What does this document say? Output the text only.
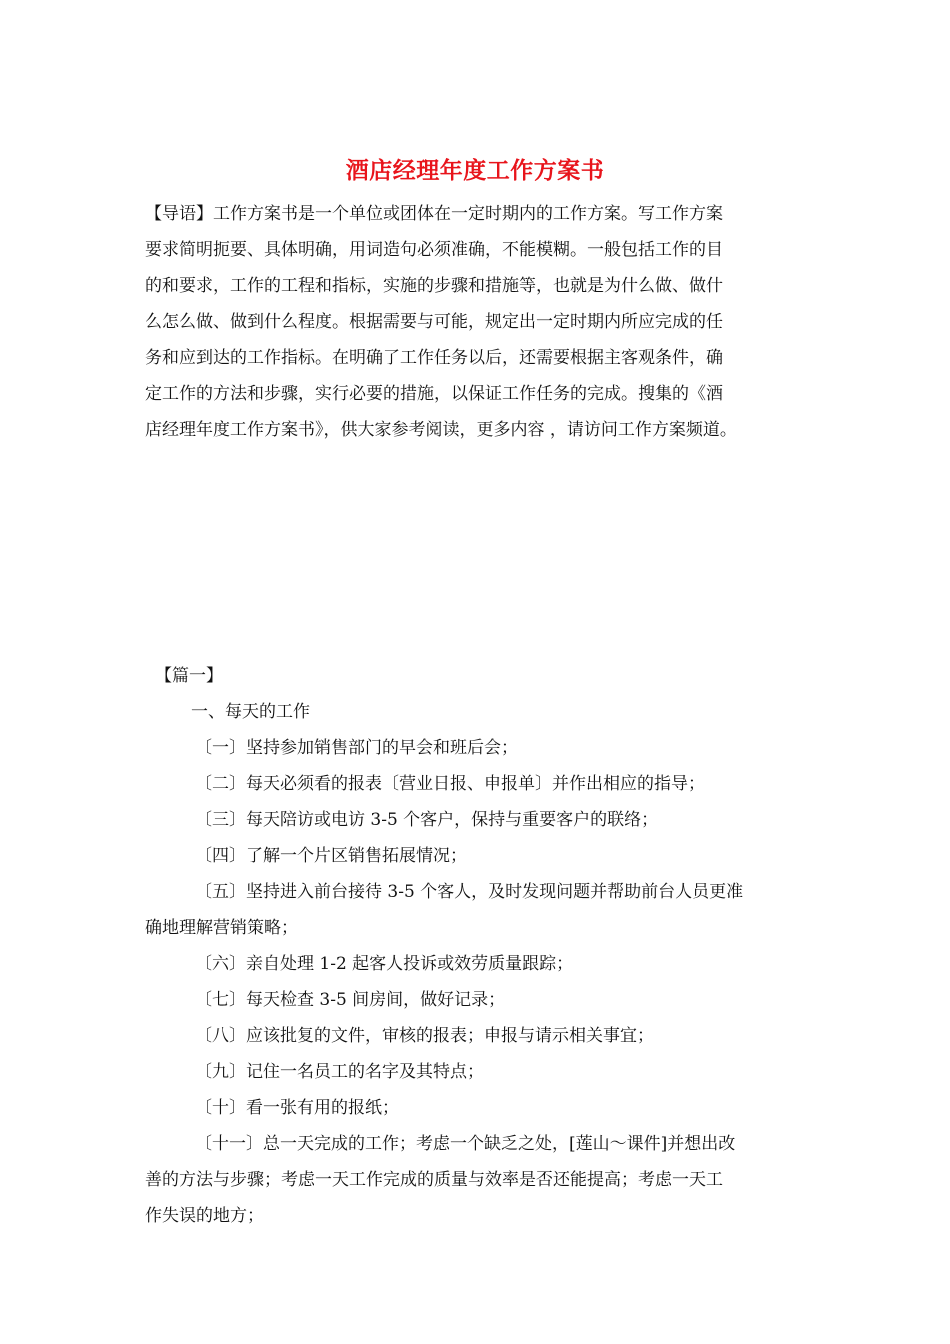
酒店经理年度工作方案书
【导语】工作方案书是一个单位或团体在一定时期内的工作方案。写工作方案
要求简明扼要、具体明确，用词造句必须准确，不能模糊。一般包括工作的目
的和要求，工作的工程和指标，实施的步骤和措施等，也就是为什么做、做什
么怎么做、做到什么程度。根据需要与可能，规定出一定时期内所应完成的任
务和应到达的工作指标。在明确了工作任务以后，还需要根据主客观条件，确
定工作的方法和步骤，实行必要的措施，以保证工作任务的完成。搜集的《酒
店经理年度工作方案书》，供大家参考阅读，更多内容 ，请访问工作方案频道。
【篇一】
一、每天的工作
〔一〕坚持参加销售部门的早会和班后会；
〔二〕每天必须看的报表〔营业日报、申报单〕并作出相应的指导；
〔三〕每天陪访或电访 3-5 个客户，保持与重要客户的联络；
〔四〕了解一个片区销售拓展情况；
〔五〕坚持进入前台接待 3-5 个客人，及时发现问题并帮助前台人员更准
确地理解营销策略；
〔六〕亲自处理 1-2 起客人投诉或效劳质量跟踪；
〔七〕每天检查 3-5 间房间，做好记录；
〔八〕应该批复的文件，审核的报表；申报与请示相关事宜；
〔九〕记住一名员工的名字及其特点；
〔十〕看一张有用的报纸；
〔十一〕总一天完成的工作；考虑一个缺乏之处，[莲山～课件]并想出改
善的方法与步骤；考虑一天工作完成的质量与效率是否还能提高；考虑一天工
作失误的地方；
